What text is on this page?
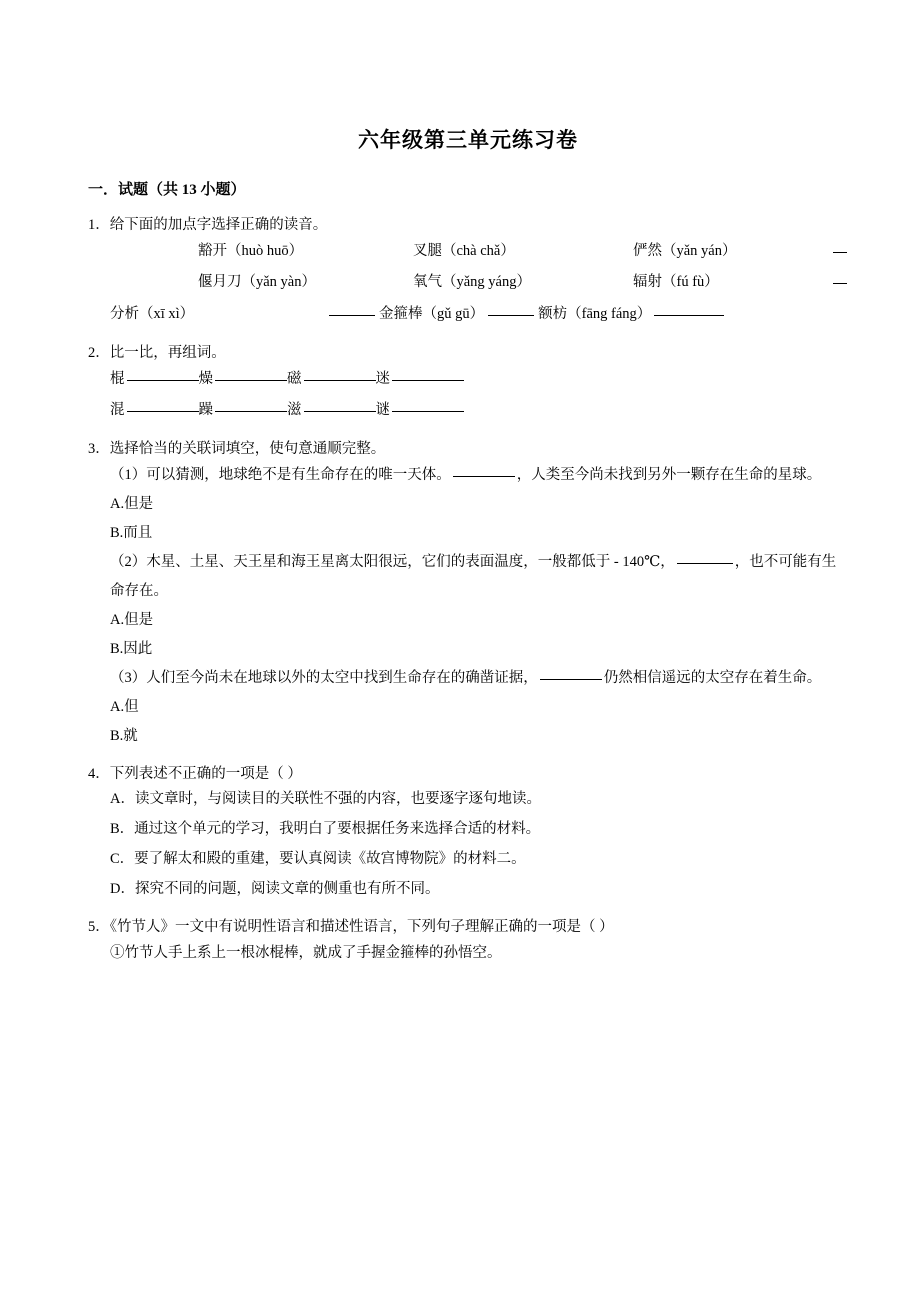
六年级第三单元练习卷
一．试题（共 13 小题）
1．给下面的加点字选择正确的读音。
豁开（huò huō）	叉腿（chà chǎ）	俨然（yǎn yán）
偃月刀（yǎn yàn）	氧气（yǎng yáng）	辐射（fú fù）
分析（xī xì）	金箍棒（gǔ gū）	额枋（fāng fáng）
2．比一比，再组词。
棍	燥	磁	迷
混	躁	滋	谜
3．选择恰当的关联词填空，使句意通顺完整。
（1）可以猜测，地球绝不是有生命存在的唯一天体。	，人类至今尚未找到另外一颗存在生命的星球。
A.但是
B.而且
（2）木星、土星、天王星和海王星离太阳很远，它们的表面温度，一般都低于 - 140℃，	，也不可能有生命存在。
A.但是
B.因此
（3）人们至今尚未在地球以外的太空中找到生命存在的确凿证据，	仍然相信遥远的太空存在着生命。
A.但
B.就
4．下列表述不正确的一项是（ ）
A．读文章时，与阅读目的关联性不强的内容，也要逐字逐句地读。
B．通过这个单元的学习，我明白了要根据任务来选择合适的材料。
C．要了解太和殿的重建，要认真阅读《故宫博物院》的材料二。
D．探究不同的问题，阅读文章的侧重也有所不同。
5．《竹节人》一文中有说明性语言和描述性语言，下列句子理解正确的一项是（ ）
①竹节人手上系上一根冰棍棒，就成了手握金箍棒的孙悟空。
